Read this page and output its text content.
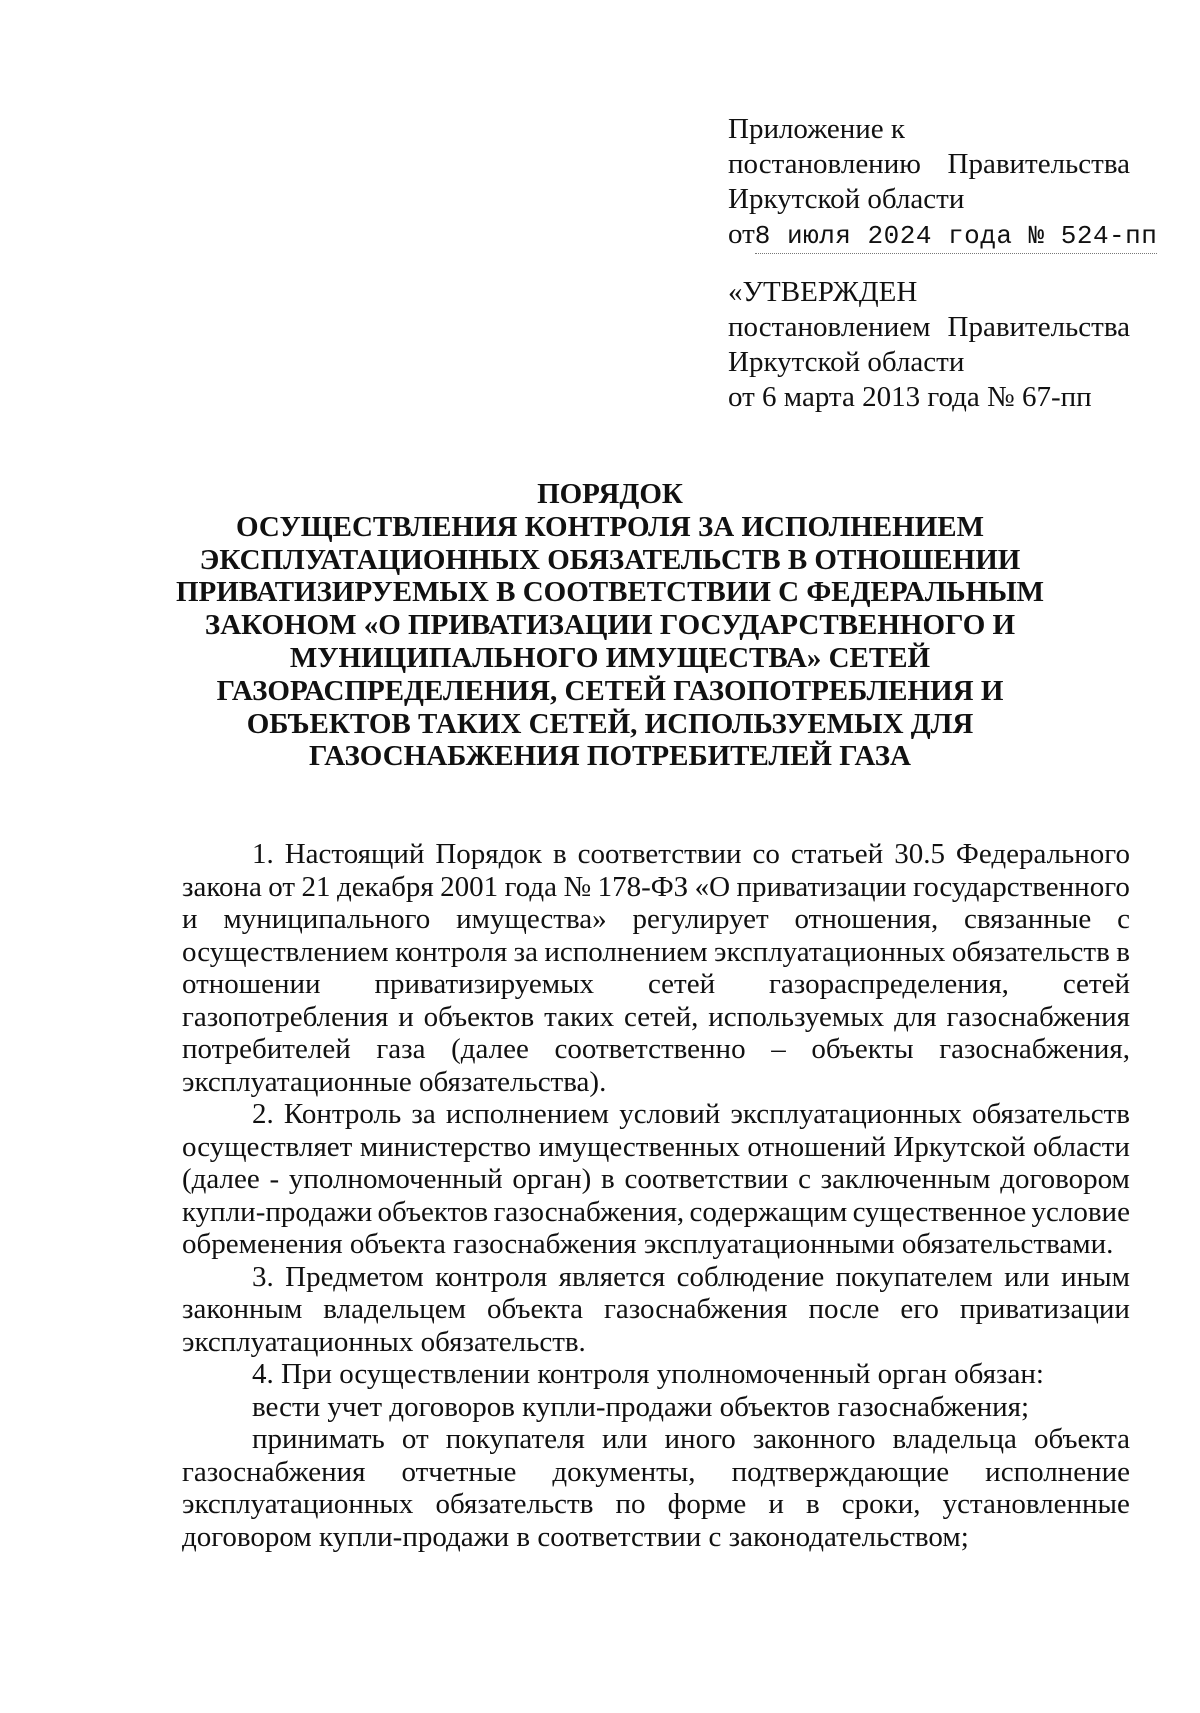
Приложение к
постановлению Правительства
Иркутской области
от8 июля 2024 года № 524-пп
«УТВЕРЖДЕН
постановлением Правительства
Иркутской области
от 6 марта 2013 года № 67-пп
ПОРЯДОК
ОСУЩЕСТВЛЕНИЯ КОНТРОЛЯ ЗА ИСПОЛНЕНИЕМ
ЭКСПЛУАТАЦИОННЫХ ОБЯЗАТЕЛЬСТВ В ОТНОШЕНИИ
ПРИВАТИЗИРУЕМЫХ В СООТВЕТСТВИИ С ФЕДЕРАЛЬНЫМ
ЗАКОНОМ «О ПРИВАТИЗАЦИИ ГОСУДАРСТВЕННОГО И
МУНИЦИПАЛЬНОГО ИМУЩЕСТВА» СЕТЕЙ
ГАЗОРАСПРЕДЕЛЕНИЯ, СЕТЕЙ ГАЗОПОТРЕБЛЕНИЯ И
ОБЪЕКТОВ ТАКИХ СЕТЕЙ, ИСПОЛЬЗУЕМЫХ ДЛЯ
ГАЗОСНАБЖЕНИЯ ПОТРЕБИТЕЛЕЙ ГАЗА
1. Настоящий Порядок в соответствии со статьей 30.5 Федерального
закона от 21 декабря 2001 года № 178-ФЗ «О приватизации государственного
и муниципального имущества» регулирует отношения, связанные с
осуществлением контроля за исполнением эксплуатационных обязательств в
отношении приватизируемых сетей газораспределения, сетей
газопотребления и объектов таких сетей, используемых для газоснабжения
потребителей газа (далее соответственно – объекты газоснабжения,
эксплуатационные обязательства).
2. Контроль за исполнением условий эксплуатационных обязательств
осуществляет министерство имущественных отношений Иркутской области
(далее - уполномоченный орган) в соответствии с заключенным договором
купли-продажи объектов газоснабжения, содержащим существенное условие
обременения объекта газоснабжения эксплуатационными обязательствами.
3. Предметом контроля является соблюдение покупателем или иным
законным владельцем объекта газоснабжения после его приватизации
эксплуатационных обязательств.
4. При осуществлении контроля уполномоченный орган обязан:
вести учет договоров купли-продажи объектов газоснабжения;
принимать от покупателя или иного законного владельца объекта
газоснабжения отчетные документы, подтверждающие исполнение
эксплуатационных обязательств по форме и в сроки, установленные
договором купли-продажи в соответствии с законодательством;
